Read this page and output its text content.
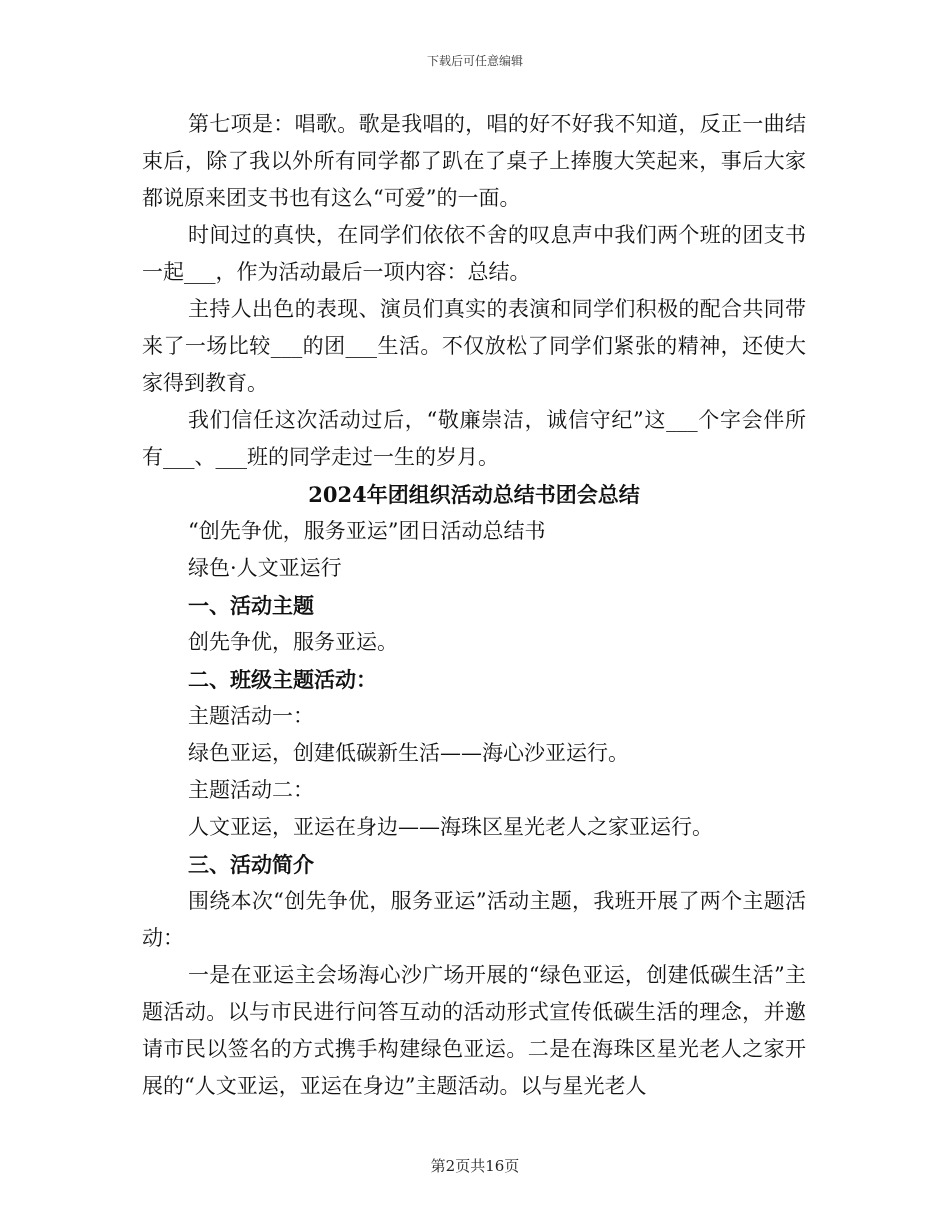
下载后可任意编辑

第七项是：唱歌。歌是我唱的，唱的好不好我不知道，反正一曲结束后，除了我以外所有同学都了趴在了桌子上捧腹大笑起来，事后大家都说原来团支书也有这么“可爱”的一面。

时间过的真快，在同学们依依不舍的叹息声中我们两个班的团支书一起___，作为活动最后一项内容：总结。

主持人出色的表现、演员们真实的表演和同学们积极的配合共同带来了一场比较___的团___生活。不仅放松了同学们紧张的精神，还使大家得到教育。

我们信任这次活动过后，“敬廉崇洁，诚信守纪”这___个字会伴所有___、___班的同学走过一生的岁月。

2024年团组织活动总结书团会总结

“创先争优，服务亚运”团日活动总结书

绿色·人文亚运行

一、活动主题

创先争优，服务亚运。

二、班级主题活动：

主题活动一：

绿色亚运，创建低碳新生活——海心沙亚运行。

主题活动二：

人文亚运，亚运在身边——海珠区星光老人之家亚运行。

三、活动简介

围绕本次“创先争优，服务亚运”活动主题，我班开展了两个主题活动：

一是在亚运主会场海心沙广场开展的“绿色亚运，创建低碳生活”主题活动。以与市民进行问答互动的活动形式宣传低碳生活的理念，并邀请市民以签名的方式携手构建绿色亚运。二是在海珠区星光老人之家开展的“人文亚运，亚运在身边”主题活动。以与星光老人

第2页共16页
